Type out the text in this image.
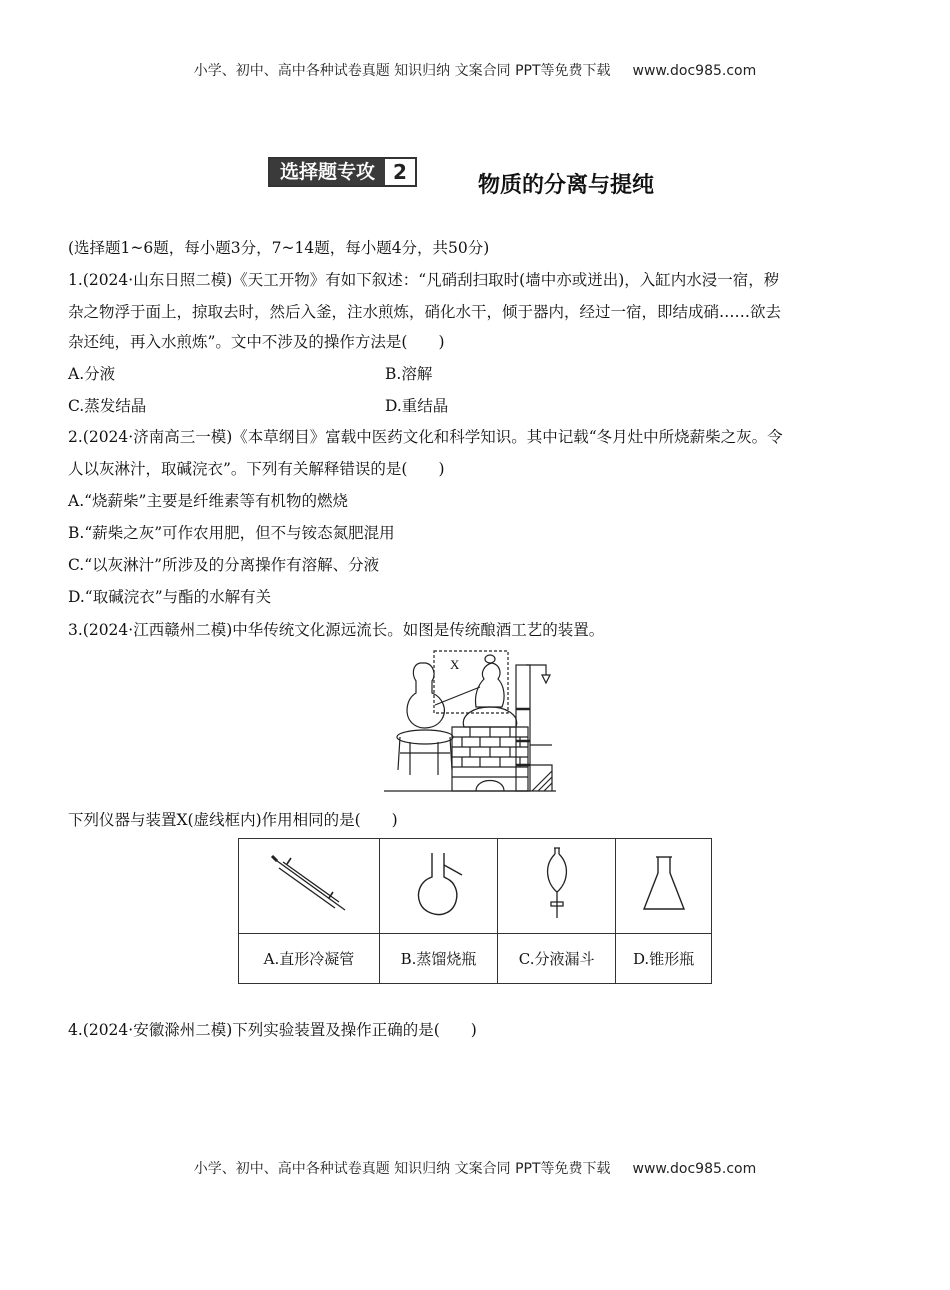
小学、初中、高中各种试卷真题 知识归纳 文案合同 PPT等免费下载 www.doc985.com
选择题专攻 2
物质的分离与提纯
(选择题1~6题，每小题3分，7~14题，每小题4分，共50分)
1.(2024·山东日照二模)《天工开物》有如下叙述：“凡硝刮扫取时(墙中亦或迸出)，入缸内水浸一宿，秽
杂之物浮于面上，掠取去时，然后入釜，注水煎炼，硝化水干，倾于器内，经过一宿，即结成硝……欲去
杂还纯，再入水煎炼”。文中不涉及的操作方法是(　　)
A.分液	B.溶解
C.蒸发结晶	D.重结晶
2.(2024·济南高三一模)《本草纲目》富载中医药文化和科学知识。其中记载“冬月灶中所烧薪柴之灰。令
人以灰淋汁，取碱浣衣”。下列有关解释错误的是(　　)
A.“烧薪柴”主要是纤维素等有机物的燃烧
B.“薪柴之灰”可作农用肥，但不与铵态氮肥混用
C.“以灰淋汁”所涉及的分离操作有溶解、分液
D.“取碱浣衣”与酯的水解有关
3.(2024·江西赣州二模)中华传统文化源远流长。如图是传统酿酒工艺的装置。
X
下列仪器与装置X(虚线框内)作用相同的是(　　)

A.直形冷凝管	B.蒸馏烧瓶	C.分液漏斗	D.锥形瓶
4.(2024·安徽滁州二模)下列实验装置及操作正确的是(　　)
小学、初中、高中各种试卷真题 知识归纳 文案合同 PPT等免费下载 www.doc985.com
